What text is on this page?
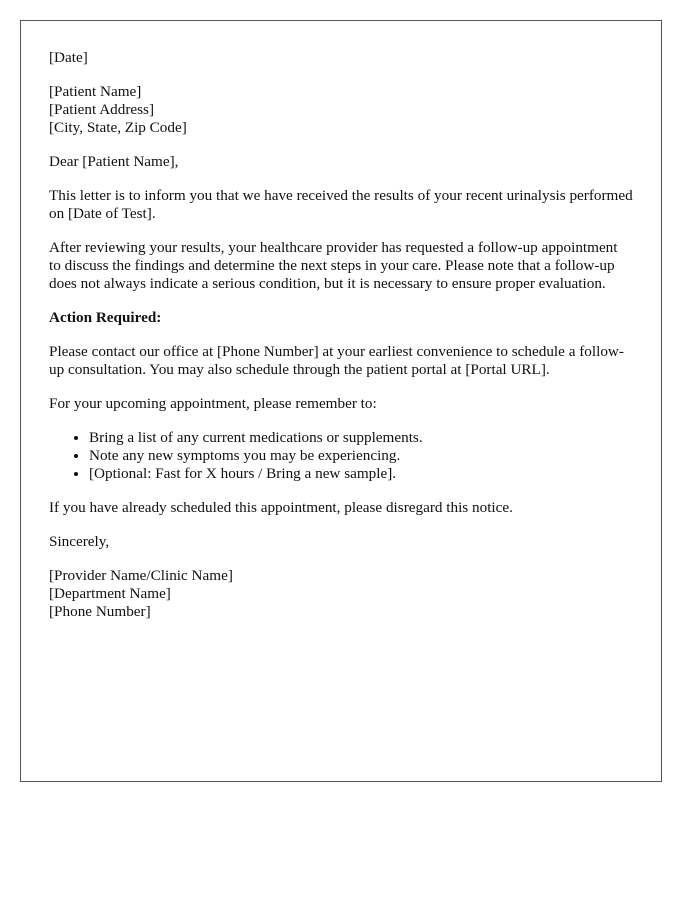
[Date]

[Patient Name]
[Patient Address]
[City, State, Zip Code]

Dear [Patient Name],

This letter is to inform you that we have received the results of your recent urinalysis performed on [Date of Test].

After reviewing your results, your healthcare provider has requested a follow-up appointment to discuss the findings and determine the next steps in your care. Please note that a follow-up does not always indicate a serious condition, but it is necessary to ensure proper evaluation.

Action Required:

Please contact our office at [Phone Number] at your earliest convenience to schedule a follow-up consultation. You may also schedule through the patient portal at [Portal URL].

For your upcoming appointment, please remember to:

• Bring a list of any current medications or supplements.
• Note any new symptoms you may be experiencing.
• [Optional: Fast for X hours / Bring a new sample].

If you have already scheduled this appointment, please disregard this notice.

Sincerely,

[Provider Name/Clinic Name]
[Department Name]
[Phone Number]
